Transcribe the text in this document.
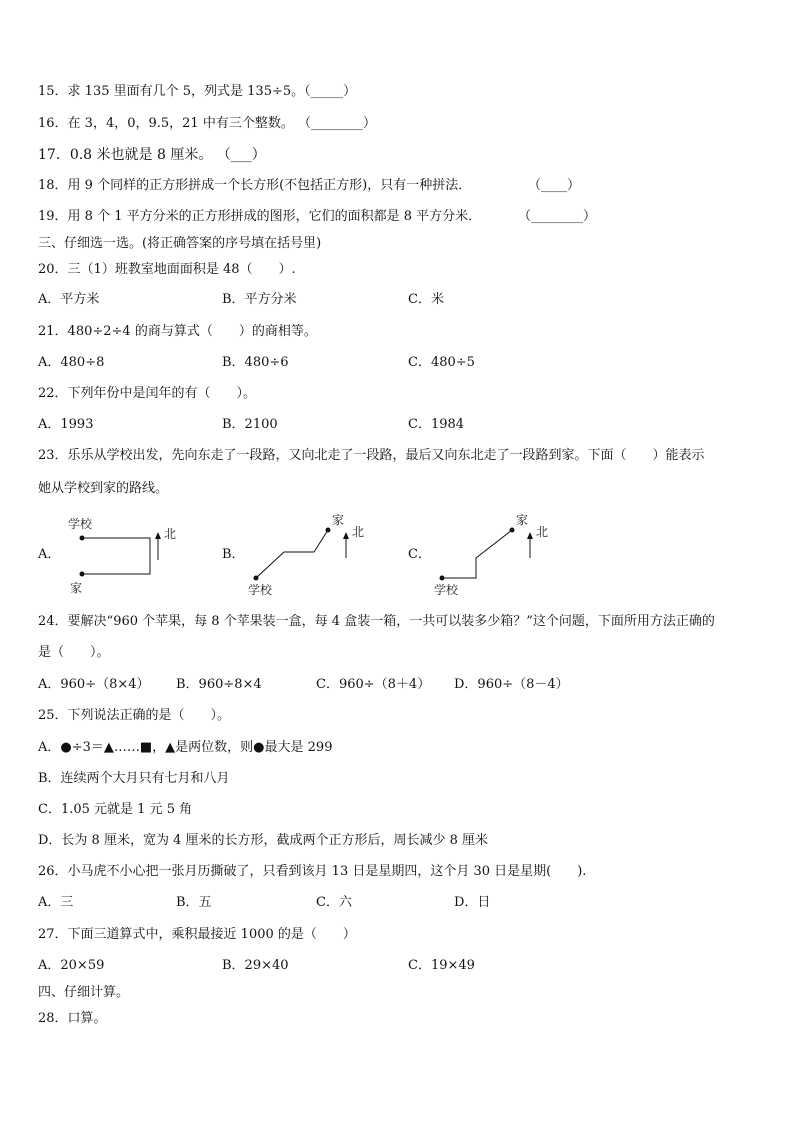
15．求 135 里面有几个 5，列式是 135÷5。（_____）
16．在 3，4，0，9.5，21 中有三个整数。 （________）
17．0.8 米也就是 8 厘米。 （___）
18．用 9 个同样的正方形拼成一个长方形(不包括正方形)，只有一种拼法．	（____）
19．用 8 个 1 平方分米的正方形拼成的图形，它们的面积都是 8 平方分米．	（________）
三、仔细选一选。(将正确答案的序号填在括号里)
20．三（1）班教室地面面积是 48（　　）.
A．平方米	B．平方分米	C．米
21．480÷2÷4 的商与算式（　　）的商相等。
A．480÷8	B．480÷6	C．480÷5
22．下列年份中是闰年的有（　　）。
A．1993	B．2100	C．1984
23．乐乐从学校出发，先向东走了一段路，又向北走了一段路，最后又向东北走了一段路到家。下面（　　）能表示
她从学校到家的路线。
A．	B．	C．
学校
家
北
家
学校
北
家
学校
北
24．要解决“960 个苹果，每 8 个苹果装一盒，每 4 盒装一箱，一共可以装多少箱？”这个问题，下面所用方法正确的
是（　　）。
A．960÷（8×4） B．960÷8×4	C．960÷（8＋4） D．960÷（8－4）
25．下列说法正确的是（　　）。
A．●÷3＝▲……■，▲是两位数，则●最大是 299
B．连续两个大月只有七月和八月
C．1.05 元就是 1 元 5 角
D．长为 8 厘米，宽为 4 厘米的长方形，截成两个正方形后，周长减少 8 厘米
26．小马虎不小心把一张月历撕破了，只看到该月 13 日是星期四，这个月 30 日是星期(　　).
A．三	B．五	C．六	D．日
27．下面三道算式中，乘积最接近 1000 的是（　　）
A．20×59	B．29×40	C．19×49
四、仔细计算。
28．口算。
